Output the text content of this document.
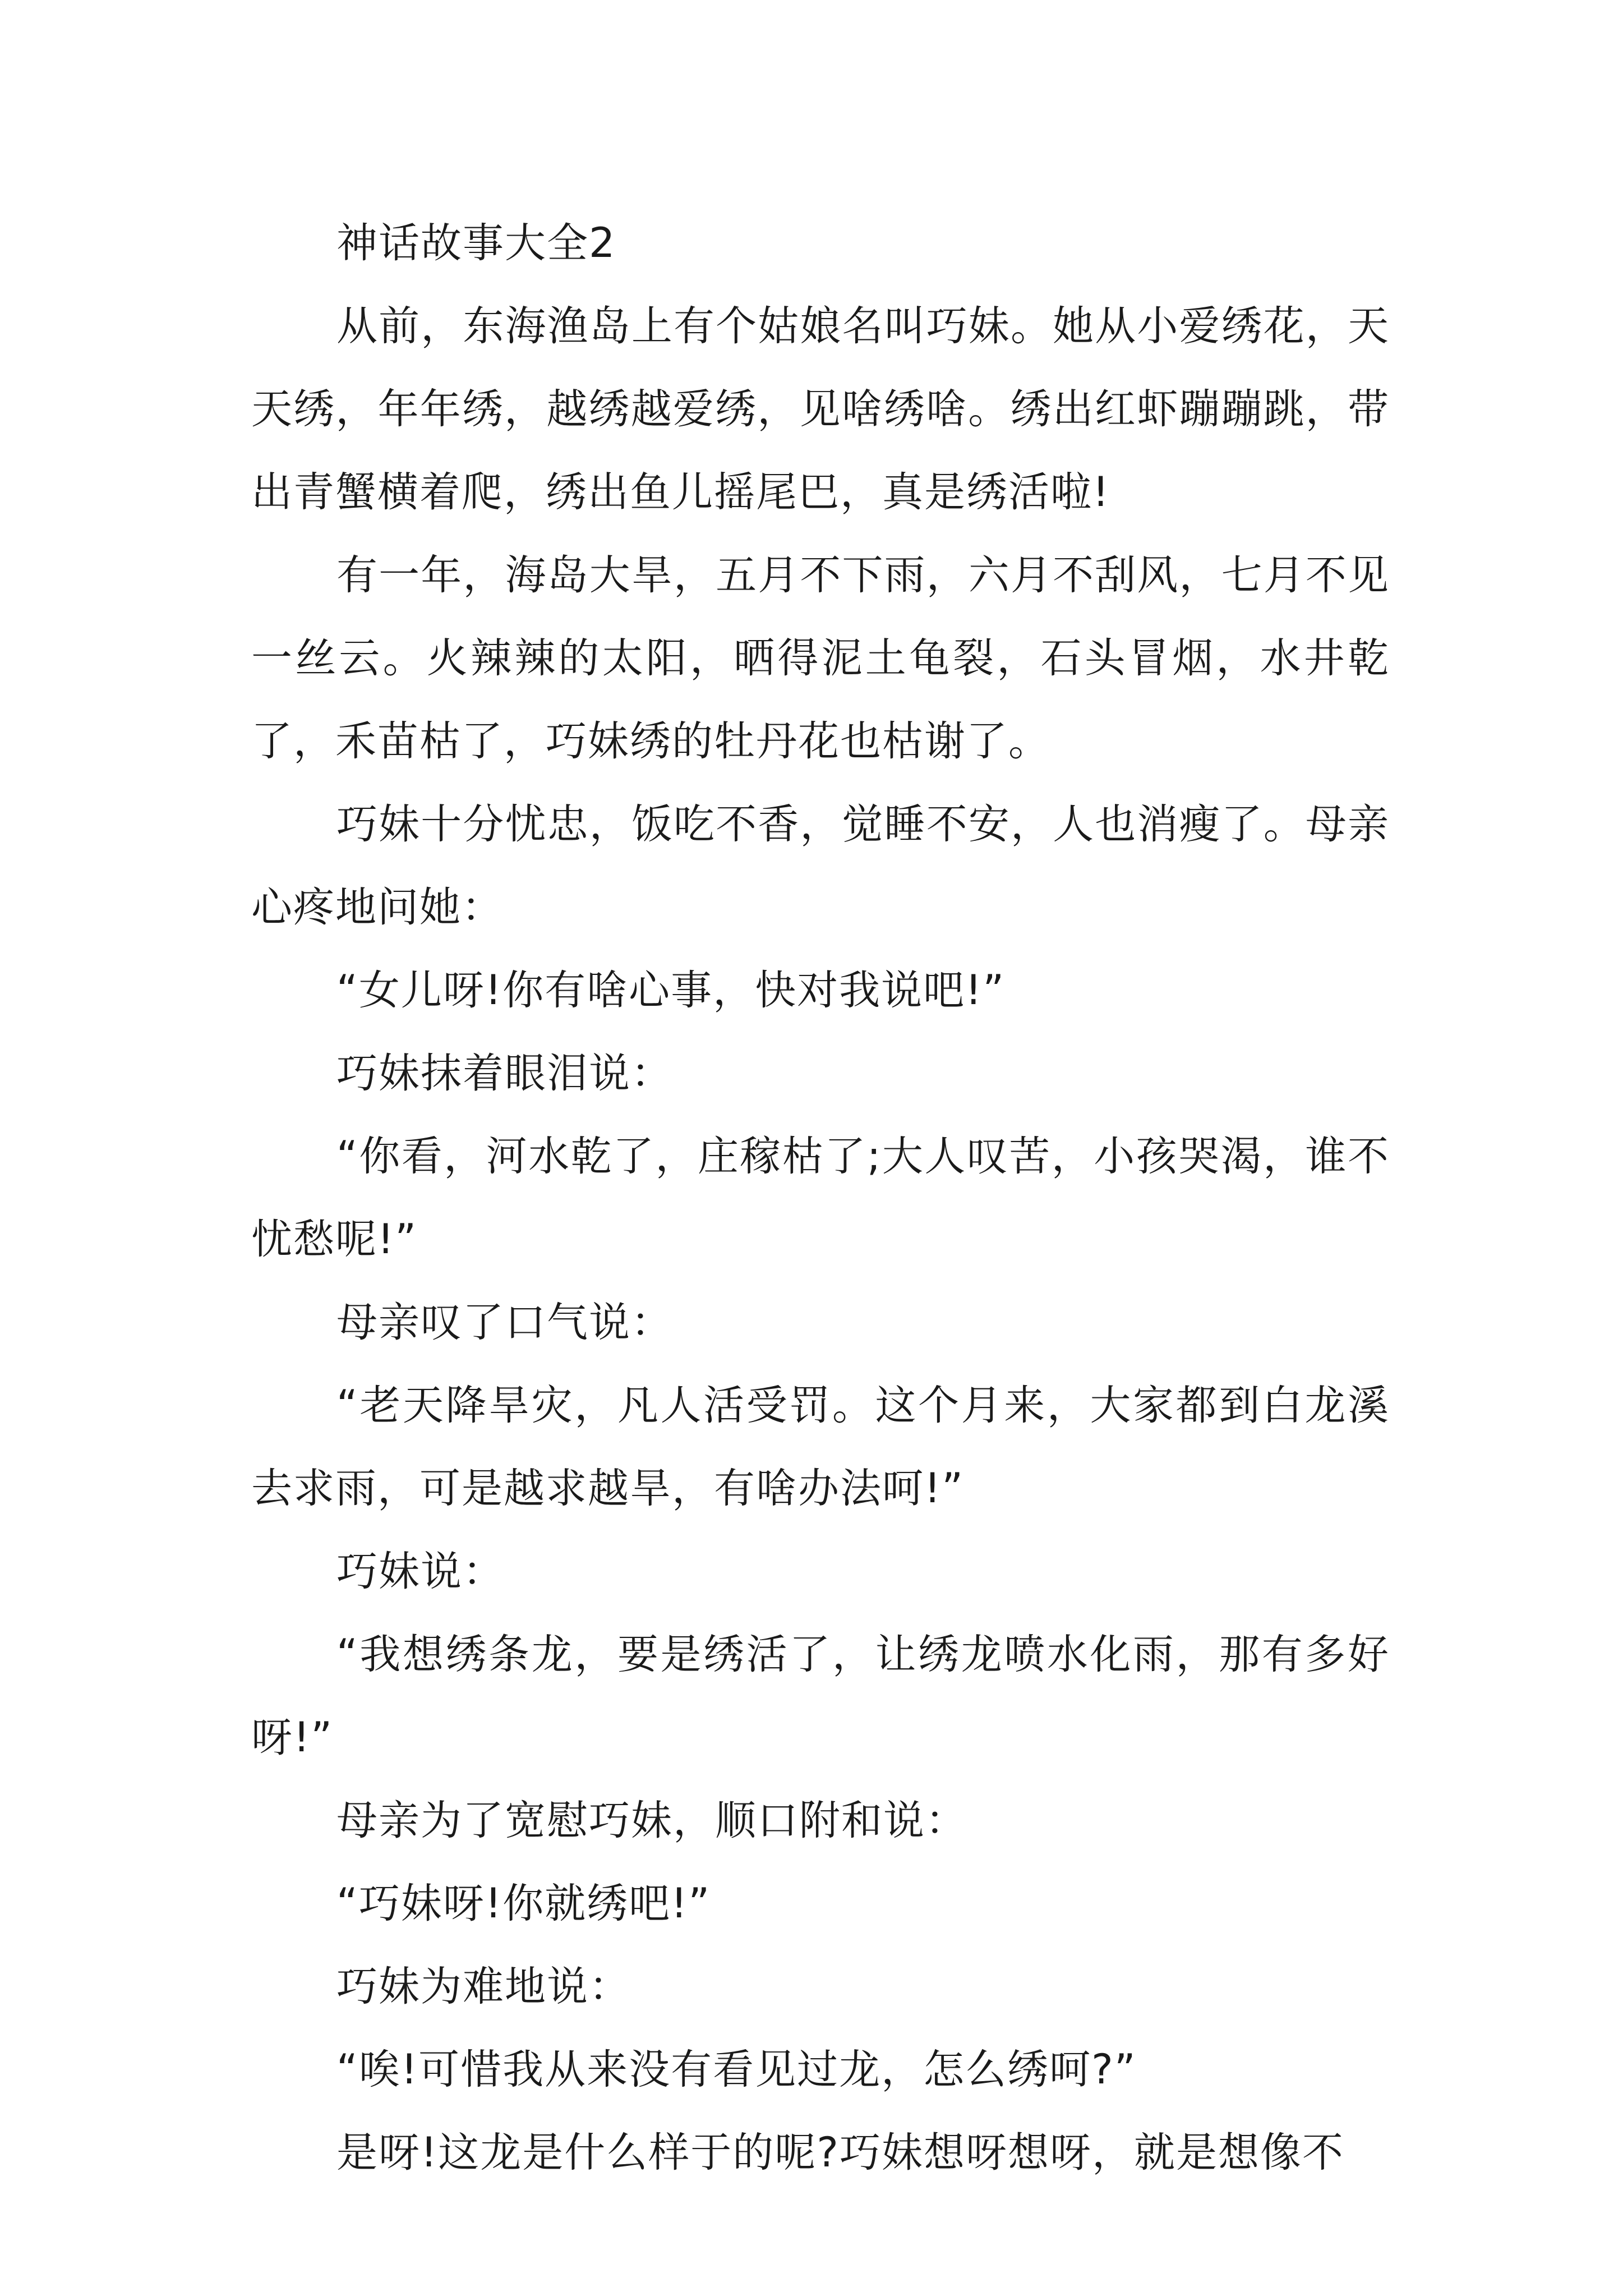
神话故事大全2

从前，东海渔岛上有个姑娘名叫巧妹。她从小爱绣花，天天绣，年年绣，越绣越爱绣，见啥绣啥。绣出红虾蹦蹦跳，带出青蟹横着爬，绣出鱼儿摇尾巴，真是绣活啦!

有一年，海岛大旱，五月不下雨，六月不刮风，七月不见一丝云。火辣辣的太阳，晒得泥土龟裂，石头冒烟，水井乾了，禾苗枯了，巧妹绣的牡丹花也枯谢了。

巧妹十分忧忠，饭吃不香，觉睡不安，人也消瘦了。母亲心疼地问她：

“女儿呀!你有啥心事，快对我说吧!”

巧妹抹着眼泪说：

“你看，河水乾了，庄稼枯了;大人叹苦，小孩哭渴，谁不忧愁呢!”

母亲叹了口气说：

“老天降旱灾，凡人活受罚。这个月来，大家都到白龙溪去求雨，可是越求越旱，有啥办法呵!”

巧妹说：

“我想绣条龙，要是绣活了，让绣龙喷水化雨，那有多好呀!”

母亲为了宽慰巧妹，顺口附和说：

“巧妹呀!你就绣吧!”

巧妹为难地说：

“唉!可惜我从来没有看见过龙，怎么绣呵?”

是呀!这龙是什么样于的呢?巧妹想呀想呀，就是想像不
